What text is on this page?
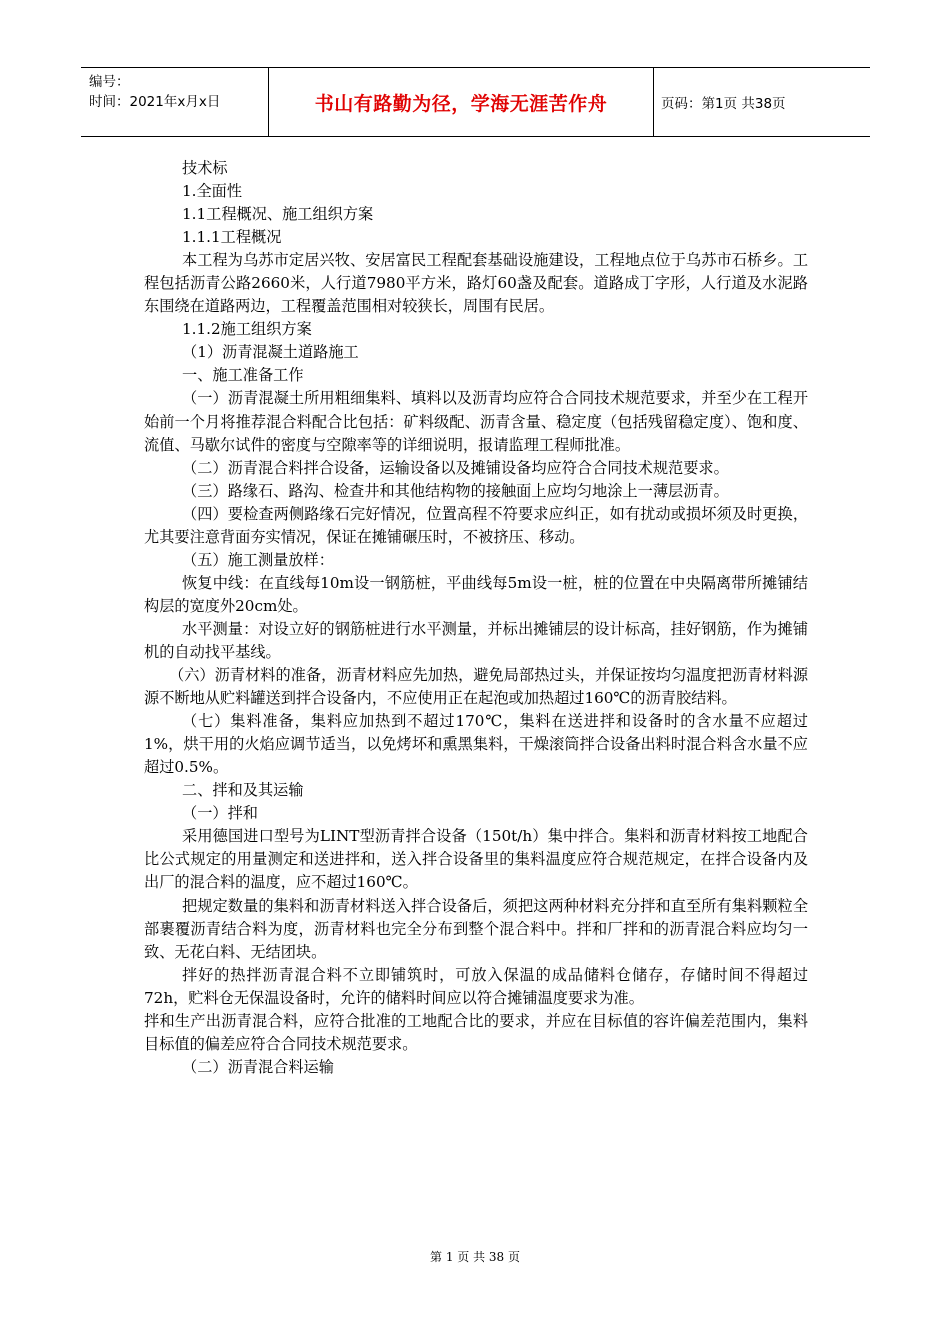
编号：
时间：2021年x月x日	书山有路勤为径，学海无涯苦作舟	页码：第1页 共38页

技术标

1.全面性

1.1工程概况、施工组织方案

1.1.1工程概况

本工程为乌苏市定居兴牧、安居富民工程配套基础设施建设，工程地点位于乌苏市石桥乡。工程包括沥青公路2660米，人行道7980平方米，路灯60盏及配套。道路成丁字形，人行道及水泥路东围绕在道路两边，工程覆盖范围相对较狭长，周围有民居。

1.1.2施工组织方案

（1）沥青混凝土道路施工

一、施工准备工作

（一）沥青混凝土所用粗细集料、填料以及沥青均应符合合同技术规范要求，并至少在工程开始前一个月将推荐混合料配合比包括：矿料级配、沥青含量、稳定度（包括残留稳定度）、饱和度、流值、马歇尔试件的密度与空隙率等的详细说明，报请监理工程师批准。

（二）沥青混合料拌合设备，运输设备以及摊铺设备均应符合合同技术规范要求。

（三）路缘石、路沟、检查井和其他结构物的接触面上应均匀地涂上一薄层沥青。

（四）要检查两侧路缘石完好情况，位置高程不符要求应纠正，如有扰动或损坏须及时更换，尤其要注意背面夯实情况，保证在摊铺碾压时，不被挤压、移动。

（五）施工测量放样：

恢复中线：在直线每10m设一钢筋桩，平曲线每5m设一桩，桩的位置在中央隔离带所摊铺结构层的宽度外20cm处。

水平测量：对设立好的钢筋桩进行水平测量，并标出摊铺层的设计标高，挂好钢筋，作为摊铺机的自动找平基线。

（六）沥青材料的准备，沥青材料应先加热，避免局部热过头，并保证按均匀温度把沥青材料源源不断地从贮料罐送到拌合设备内，不应使用正在起泡或加热超过160℃的沥青胶结料。

（七）集料准备，集料应加热到不超过170℃，集料在送进拌和设备时的含水量不应超过1%，烘干用的火焰应调节适当，以免烤坏和熏黑集料，干燥滚筒拌合设备出料时混合料含水量不应超过0.5%。

二、拌和及其运输

（一）拌和

采用德国进口型号为LINT型沥青拌合设备（150t/h）集中拌合。集料和沥青材料按工地配合比公式规定的用量测定和送进拌和，送入拌合设备里的集料温度应符合规范规定，在拌合设备内及出厂的混合料的温度，应不超过160℃。

把规定数量的集料和沥青材料送入拌合设备后，须把这两种材料充分拌和直至所有集料颗粒全部裹覆沥青结合料为度，沥青材料也完全分布到整个混合料中。拌和厂拌和的沥青混合料应均匀一致、无花白料、无结团块。

拌好的热拌沥青混合料不立即铺筑时，可放入保温的成品储料仓储存，存储时间不得超过72h，贮料仓无保温设备时，允许的储料时间应以符合摊铺温度要求为准。

拌和生产出沥青混合料，应符合批准的工地配合比的要求，并应在目标值的容许偏差范围内，集料目标值的偏差应符合合同技术规范要求。

（二）沥青混合料运输

第 1 页 共 38 页
